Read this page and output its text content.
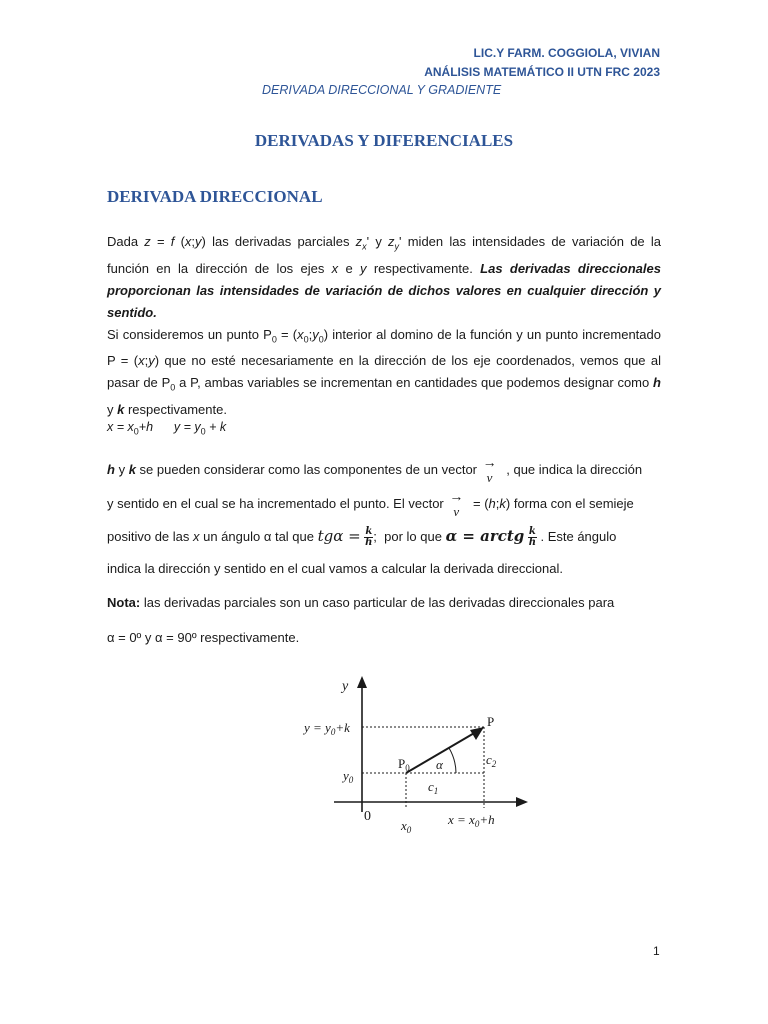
LIC.Y FARM. COGGIOLA, VIVIAN
ANÁLISIS MATEMÁTICO II UTN FRC 2023
DERIVADA DIRECCIONAL Y GRADIENTE
DERIVADAS Y DIFERENCIALES
DERIVADA DIRECCIONAL
Dada z = f (x;y) las derivadas parciales $z_x'$ y $z_y'$ miden las intensidades de variación de la función en la dirección de los ejes x e y respectivamente. Las derivadas direccionales proporcionan las intensidades de variación de dichos valores en cualquier dirección y sentido.
Si consideremos un punto $P_0$ = $(x_0;y_0)$ interior al domino de la función y un punto incrementado P = (x;y) que no esté necesariamente en la dirección de los eje coordenados, vemos que al pasar de $P_0$ a P, ambas variables se incrementan en cantidades que podemos designar como h y k respectivamente.
$x = x_0+h$ $y = y_0 + k$
h y k se pueden considerar como las componentes de un vector →
v
, que indica la dirección
y sentido en el cual se ha incrementado el punto. El vector →
v
= (h;k) forma con el semieje
positivo de las x un ángulo α tal que $tg\alpha = \frac{k}{h}$ ;  por lo que α = arctg $\frac{k}{h}$ . Este ángulo
indica la dirección y sentido en el cual vamos a calcular la derivada direccional.
Nota: las derivadas parciales son un caso particular de las derivadas direccionales para
α = 0º y α = 90º respectivamente.
y
0
$y = y_0+k$
$y_0$
$x_0$
$x = x_0+h$
P
$P_0$ α
$c_1$
$c_2$
1
